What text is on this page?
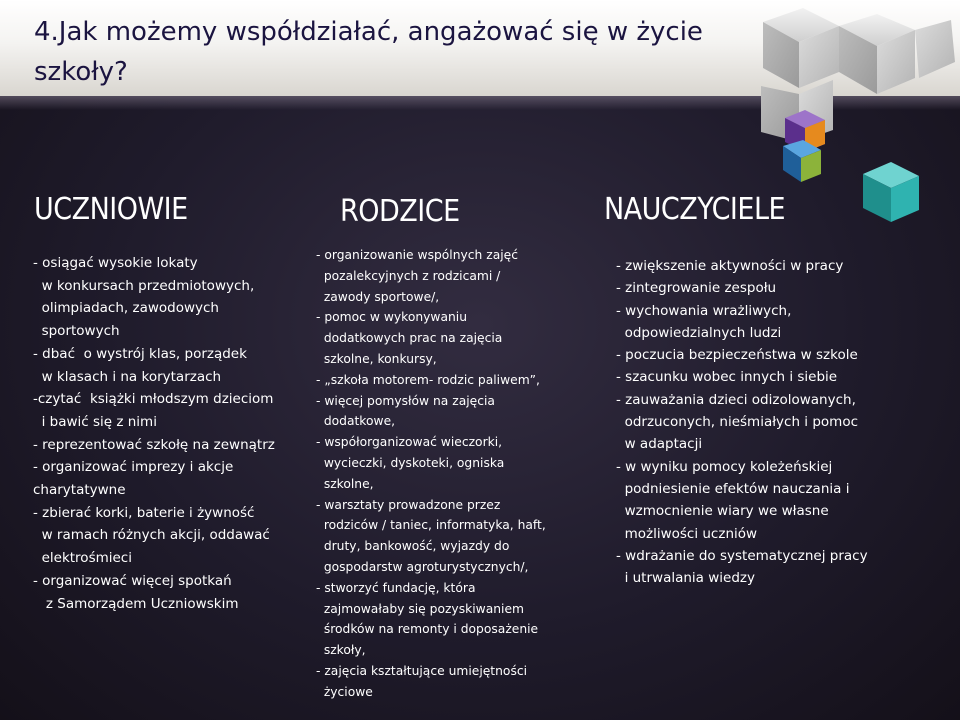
4.Jak możemy współdziałać, angażować się w życie
szkoły?
UCZNIOWIE	RODZICE	NAUCZYCIELE
- osiągać wysokie lokaty
w konkursach przedmiotowych,
olimpiadach, zawodowych
sportowych
- dbać  o wystrój klas, porządek
w klasach i na korytarzach
-czytać  książki młodszym dzieciom
i bawić się z nimi
- reprezentować szkołę na zewnątrz
- organizować imprezy i akcje
charytatywne
- zbierać korki, baterie i żywność
w ramach różnych akcji, oddawać
elektrośmieci
- organizować więcej spotkań
z Samorządem Uczniowskim
- organizowanie wspólnych zajęć
pozalekcyjnych z rodzicami /
zawody sportowe/,
- pomoc w wykonywaniu
dodatkowych prac na zajęcia
szkolne, konkursy,
- „szkoła motorem- rodzic paliwem”,
- więcej pomysłów na zajęcia
dodatkowe,
- współorganizować wieczorki,
wycieczki, dyskoteki, ogniska
szkolne,
- warsztaty prowadzone przez
rodziców / taniec, informatyka, haft,
druty, bankowość, wyjazdy do
gospodarstw agroturystycznych/,
- stworzyć fundację, która
zajmowałaby się pozyskiwaniem
środków na remonty i doposażenie
szkoły,
- zajęcia kształtujące umiejętności
życiowe
- zwiększenie aktywności w pracy
- zintegrowanie zespołu
- wychowania wrażliwych,
odpowiedzialnych ludzi
- poczucia bezpieczeństwa w szkole
- szacunku wobec innych i siebie
- zauważania dzieci odizolowanych,
odrzuconych, nieśmiałych i pomoc
w adaptacji
- w wyniku pomocy koleżeńskiej
podniesienie efektów nauczania i
wzmocnienie wiary we własne
możliwości uczniów
- wdrażanie do systematycznej pracy
i utrwalania wiedzy
